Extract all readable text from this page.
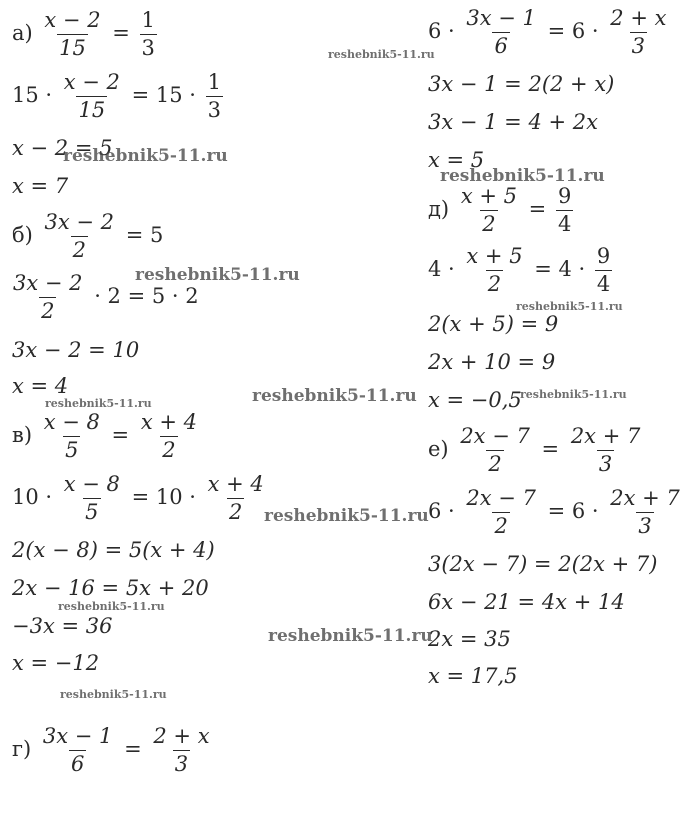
$а) \frac{x - 2}{15} = \frac{1}{3}$
$15 \cdot \frac{x - 2}{15} = 15 \cdot \frac{1}{3}$
x − 2 = 5
x = 7
$б) \frac{3x - 2}{2} = 5$
$\frac{3x - 2}{2} \cdot 2 = 5 \cdot 2$
3x − 2 = 10
x = 4
$в) \frac{x - 8}{5} = \frac{x + 4}{2}$
$10 \cdot \frac{x - 8}{5} = 10 \cdot \frac{x + 4}{2}$
2(x − 8) = 5(x + 4)
2x − 16 = 5x + 20
−3x = 36
x = −12
$г) \frac{3x - 1}{6} = \frac{2 + x}{3}$
$6 \cdot \frac{3x - 1}{6} = 6 \cdot \frac{2 + x}{3}$
3x − 1 = 2(2 + x)
3x − 1 = 4 + 2x
x = 5
$д) \frac{x + 5}{2} = \frac{9}{4}$
$4 \cdot \frac{x + 5}{2} = 4 \cdot \frac{9}{4}$
2(x + 5) = 9
2x + 10 = 9
x = −0,5
$е) \frac{2x - 7}{2} = \frac{2x + 7}{3}$
$6 \cdot \frac{2x - 7}{2} = 6 \cdot \frac{2x + 7}{3}$
3(2x − 7) = 2(2x + 7)
6x − 21 = 4x + 14
2x = 35
x = 17,5
reshebnik5-11.ru
reshebnik5-11.ru
reshebnik5-11.ru
reshebnik5-11.ru
reshebnik5-11.ru
reshebnik5-11.ru	reshebnik5-11.ru
reshebnik5-11.ru
reshebnik5-11.ru
reshebnik5-11.ru
reshebnik5-11.ru
reshebnik5-11.ru
